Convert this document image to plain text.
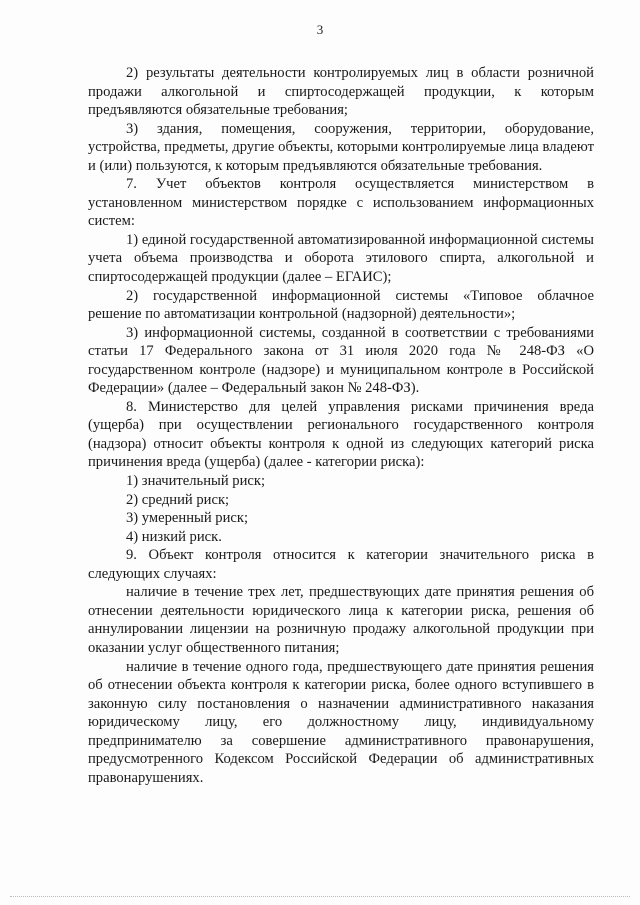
3

2) результаты деятельности контролируемых лиц в области розничной продажи алкогольной и спиртосодержащей продукции, к которым предъявляются обязательные требования;

3) здания, помещения, сооружения, территории, оборудование, устройства, предметы, другие объекты, которыми контролируемые лица владеют и (или) пользуются, к которым предъявляются обязательные требования.

7. Учет объектов контроля осуществляется министерством в установленном министерством порядке с использованием информационных систем:

1) единой государственной автоматизированной информационной системы учета объема производства и оборота этилового спирта, алкогольной и спиртосодержащей продукции (далее – ЕГАИС);

2) государственной информационной системы «Типовое облачное решение по автоматизации контрольной (надзорной) деятельности»;

3) информационной системы, созданной в соответствии с требованиями статьи 17 Федерального закона от 31 июля 2020 года № 248-ФЗ «О государственном контроле (надзоре) и муниципальном контроле в Российской Федерации» (далее – Федеральный закон № 248-ФЗ).

8. Министерство для целей управления рисками причинения вреда (ущерба) при осуществлении регионального государственного контроля (надзора) относит объекты контроля к одной из следующих категорий риска причинения вреда (ущерба) (далее - категории риска):

1) значительный риск;

2) средний риск;

3) умеренный риск;

4) низкий риск.

9. Объект контроля относится к категории значительного риска в следующих случаях:

наличие в течение трех лет, предшествующих дате принятия решения об отнесении деятельности юридического лица к категории риска, решения об аннулировании лицензии на розничную продажу алкогольной продукции при оказании услуг общественного питания;

наличие в течение одного года, предшествующего дате принятия решения об отнесении объекта контроля к категории риска, более одного вступившего в законную силу постановления о назначении административного наказания юридическому лицу, его должностному лицу, индивидуальному предпринимателю за совершение административного правонарушения, предусмотренного Кодексом Российской Федерации об административных правонарушениях.
